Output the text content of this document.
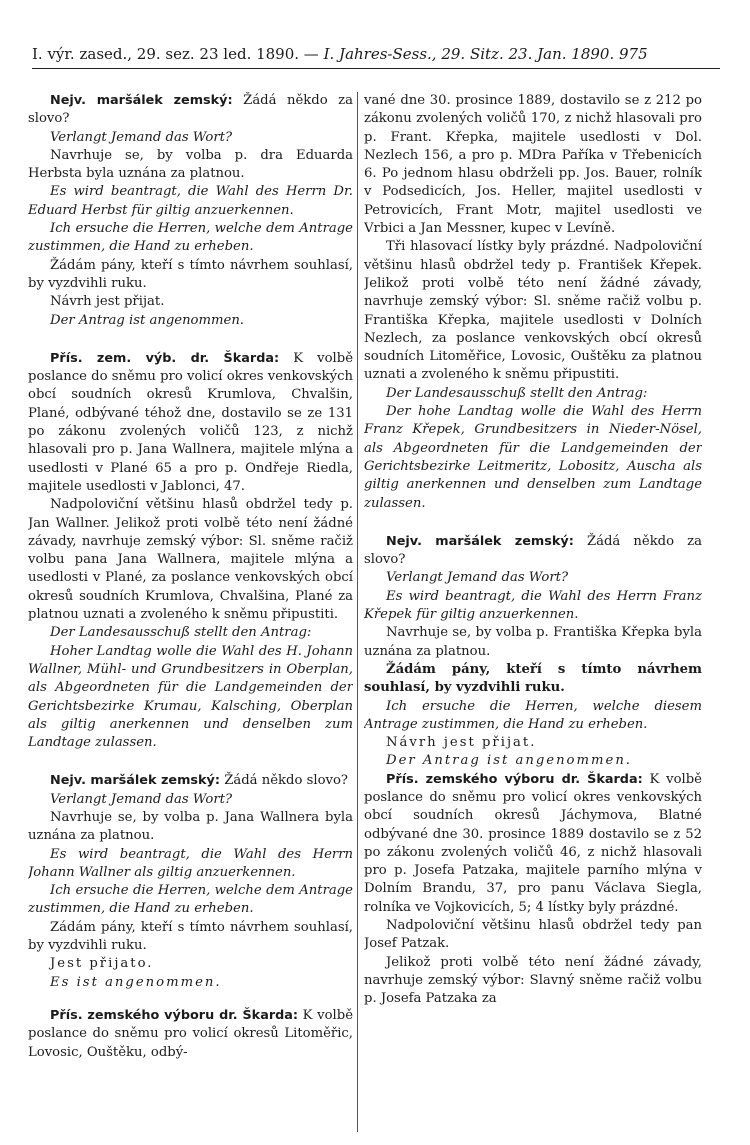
I. výr. zased., 29. sez. 23 led. 1890. — I. Jahres-Sess., 29. Sitz. 23. Jan. 1890. 975

Nejv. maršálek zemský: Žádá někdo za slovo?

Verlangt Jemand das Wort?

Navrhuje se, by volba p. dra Eduarda Herbsta byla uznána za platnou.

Es wird beantragt, die Wahl des Herrn Dr. Eduard Herbst für giltig anzuerkennen.

Ich ersuche die Herren, welche dem Antrage zustimmen, die Hand zu erheben.

Žádám pány, kteří s tímto návrhem souhlasí, by vyzdvihli ruku.

Návrh jest přijat.

Der Antrag ist angenommen.

Přís. zem. výb. dr. Škarda: K volbě poslance do sněmu pro volicí okres venkovských obcí soudních okresů Krumlova, Chvalšin, Plané, odbývané téhož dne, dostavilo se ze 131 po zákonu zvolených voličů 123, z nichž hlasovali pro p. Jana Wallnera, majitele mlýna a usedlosti v Plané 65 a pro p. Ondřeje Riedla, majitele usedlosti v Jablonci, 47.

Nadpoloviční většinu hlasů obdržel tedy p. Jan Wallner. Jelikož proti volbě této není žádné závady, navrhuje zemský výbor: Sl. sněme račiž volbu pana Jana Wallnera, majitele mlýna a usedlosti v Plané, za poslance venkovských obcí okresů soudních Krumlova, Chvalšina, Plané za platnou uznati a zvoleného k sněmu připustiti.

Der Landesausschuß stellt den Antrag:

Hoher Landtag wolle die Wahl des H. Johann Wallner, Mühl- und Grundbesitzers in Oberplan, als Abgeordneten für die Landgemeinden der Gerichtsbezirke Krumau, Kalsching, Oberplan als giltig anerkennen und denselben zum Landtage zulassen.

Nejv. maršálek zemský: Žádá někdo slovo?

Verlangt Jemand das Wort?

Navrhuje se, by volba p. Jana Wallnera byla uznána za platnou.

Es wird beantragt, die Wahl des Herrn Johann Wallner als giltig anzuerkennen.

Ich ersuche die Herren, welche dem Antrage zustimmen, die Hand zu erheben.

Zádám pány, kteří s tímto návrhem souhlasí, by vyzdvihli ruku.

Jest přijato.

Es ist angenommen.

Přís. zemského výboru dr. Škarda: K volbě poslance do sněmu pro volicí okresů Litoměřic, Lovosic, Ouštěku, odbý-

vané dne 30. prosince 1889, dostavilo se z 212 po zákonu zvolených voličů 170, z nichž hlasovali pro p. Frant. Křepka, majitele usedlosti v Dol. Nezlech 156, a pro p. MDra Paříka v Třebenicích 6. Po jednom hlasu obdrželi pp. Jos. Bauer, rolník v Podsedicích, Jos. Heller, majitel usedlosti v Petrovicích, Frant Motr, majitel usedlosti ve Vrbici a Jan Messner, kupec v Levíně.

Tři hlasovací lístky byly prázdné. Nadpoloviční většinu hlasů obdržel tedy p. František Křepek. Jelikož proti volbě této není žádné závady, navrhuje zemský výbor: Sl. sněme račiž volbu p. Františka Křepka, majitele usedlosti v Dolních Nezlech, za poslance venkovských obcí okresů soudních Litoměřice, Lovosic, Ouštěku za platnou uznati a zvoleného k sněmu připustiti.

Der Landesausschuß stellt den Antrag:

Der hohe Landtag wolle die Wahl des Herrn Franz Křepek, Grundbesitzers in Nieder-Nösel, als Abgeordneten für die Landgemeinden der Gerichtsbezirke Leitmeritz, Lobositz, Auscha als giltig anerkennen und denselben zum Landtage zulassen.

Nejv. maršálek zemský: Žádá někdo za slovo?

Verlangt Jemand das Wort?

Es wird beantragt, die Wahl des Herrn Franz Křepek für giltig anzuerkennen.

Navrhuje se, by volba p. Františka Křepka byla uznána za platnou.

Žádám pány, kteří s tímto návrhem souhlasí, by vyzdvihli ruku.

Ich ersuche die Herren, welche diesem Antrage zustimmen, die Hand zu erheben.

Návrh jest přijat.

Der Antrag ist angenommen.

Přís. zemského výboru dr. Škarda: K volbě poslance do sněmu pro volicí okres venkovských obcí soudních okresů Jáchymova, Blatné odbývané dne 30. prosince 1889 dostavilo se z 52 po zákonu zvolených voličů 46, z nichž hlasovali pro p. Josefa Patzaka, majitele parního mlýna v Dolním Brandu, 37, pro panu Václava Siegla, rolníka ve Vojkovicích, 5; 4 lístky byly prázdné.

Nadpoloviční většinu hlasů obdržel tedy pan Josef Patzak.

Jelikož proti volbě této není žádné závady, navrhuje zemský výbor: Slavný sněme račiž volbu p. Josefa Patzaka za
